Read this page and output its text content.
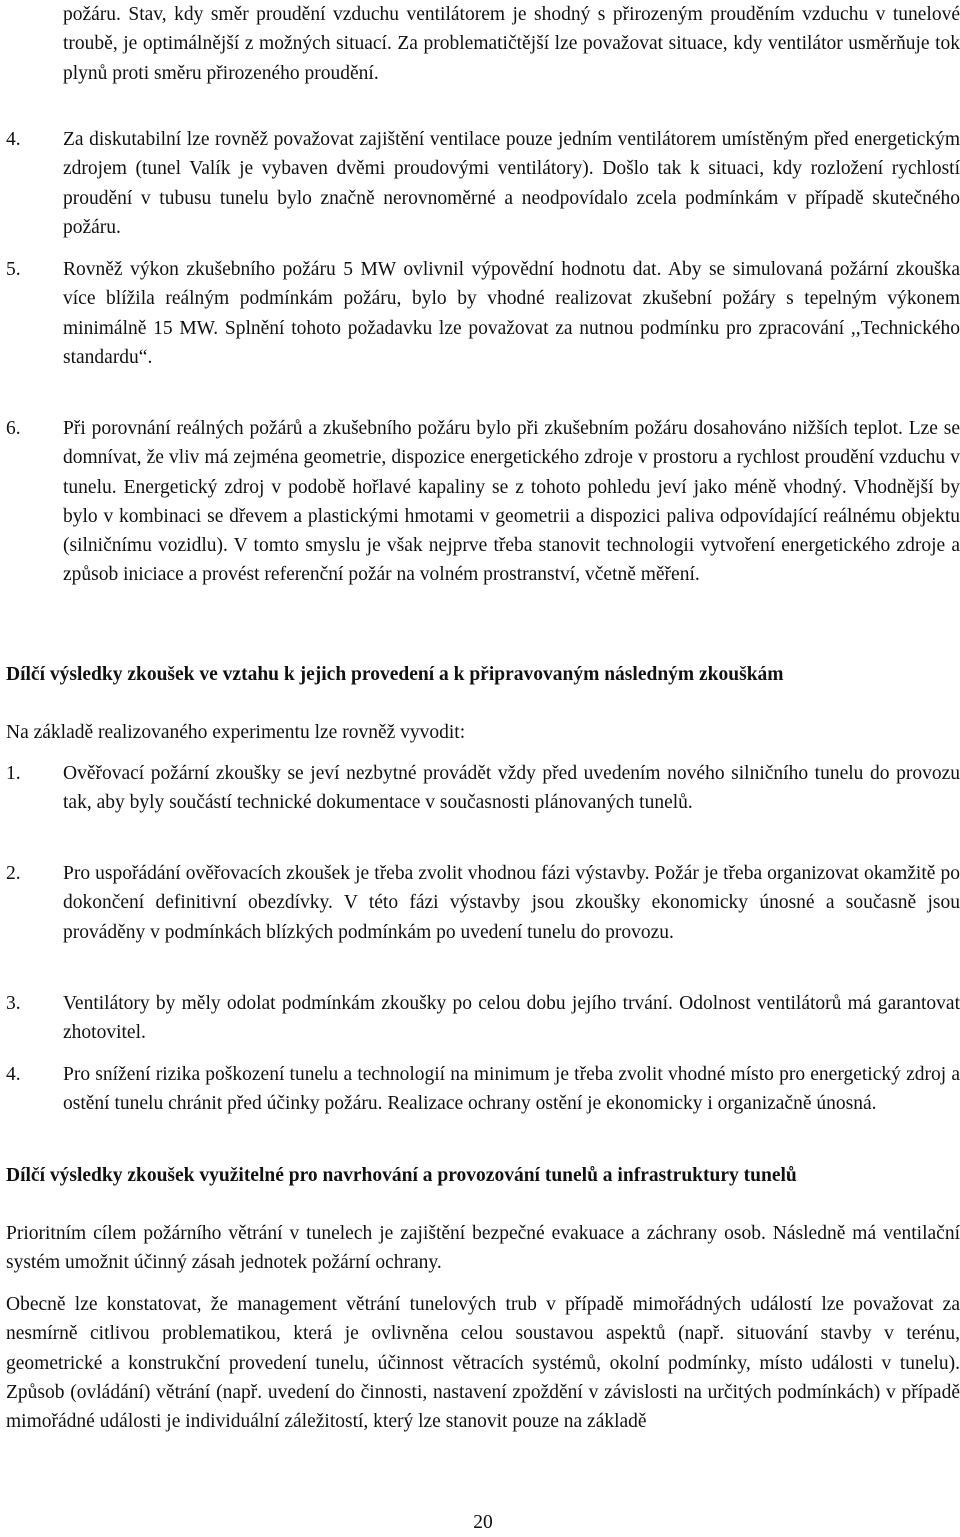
požáru. Stav, kdy směr proudění vzduchu ventilátorem je shodný s přirozeným prouděním vzduchu v tunelové troubě, je optimálnější z možných situací. Za problematičtější lze považovat situace, kdy ventilátor usměrňuje tok plynů proti směru přirozeného proudění.

4. Za diskutabilní lze rovněž považovat zajištění ventilace pouze jedním ventilátorem umístěným před energetickým zdrojem (tunel Valík je vybaven dvěmi proudovými ventilátory). Došlo tak k situaci, kdy rozložení rychlostí proudění v tubusu tunelu bylo značně nerovnoměrné a neodpovídalo zcela podmínkám v případě skutečného požáru.
5. Rovněž výkon zkušebního požáru 5 MW ovlivnil výpovědní hodnotu dat. Aby se simulovaná požární zkouška více blížila reálným podmínkám požáru, bylo by vhodné realizovat zkušební požáry s tepelným výkonem minimálně 15 MW. Splnění tohoto požadavku lze považovat za nutnou podmínku pro zpracování ,,Technického standardu“.
6. Při porovnání reálných požárů a zkušebního požáru bylo při zkušebním požáru dosahováno nižších teplot. Lze se domnívat, že vliv má zejména geometrie, dispozice energetického zdroje v prostoru a rychlost proudění vzduchu v tunelu. Energetický zdroj v podobě hořlavé kapaliny se z tohoto pohledu jeví jako méně vhodný. Vhodnější by bylo v kombinaci se dřevem a plastickými hmotami v geometrii a dispozici paliva odpovídající reálnému objektu (silničnímu vozidlu). V tomto smyslu je však nejprve třeba stanovit technologii vytvoření energetického zdroje a způsob iniciace a provést referenční požár na volném prostranství, včetně měření.

Dílčí výsledky zkoušek ve vztahu k jejich provedení a k připravovaným následným zkouškám

Na základě realizovaného experimentu lze rovněž vyvodit:

1. Ověřovací požární zkoušky se jeví nezbytné provádět vždy před uvedením nového silničního tunelu do provozu tak, aby byly součástí technické dokumentace v současnosti plánovaných tunelů.
2. Pro uspořádání ověřovacích zkoušek je třeba zvolit vhodnou fázi výstavby. Požár je třeba organizovat okamžitě po dokončení definitivní obezdívky. V této fázi výstavby jsou zkoušky ekonomicky únosné a současně jsou prováděny v podmínkách blízkých podmínkám po uvedení tunelu do provozu.
3. Ventilátory by měly odolat podmínkám zkoušky po celou dobu jejího trvání. Odolnost ventilátorů má garantovat zhotovitel.
4. Pro snížení rizika poškození tunelu a technologií na minimum je třeba zvolit vhodné místo pro energetický zdroj a ostění tunelu chránit před účinky požáru. Realizace ochrany ostění je ekonomicky i organizačně únosná.

Dílčí výsledky zkoušek využitelné pro navrhování a provozování tunelů a infrastruktury tunelů

Prioritním cílem požárního větrání v tunelech je zajištění bezpečné evakuace a záchrany osob. Následně má ventilační systém umožnit účinný zásah jednotek požární ochrany.

Obecně lze konstatovat, že management větrání tunelových trub v případě mimořádných událostí lze považovat za nesmírně citlivou problematikou, která je ovlivněna celou soustavou aspektů (např. situování stavby v terénu, geometrické a konstrukční provedení tunelu, účinnost větracích systémů, okolní podmínky, místo události v tunelu). Způsob (ovládání) větrání (např. uvedení do činnosti, nastavení zpoždění v závislosti na určitých podmínkách) v případě mimořádné události je individuální záležitostí, který lze stanovit pouze na základě

20
